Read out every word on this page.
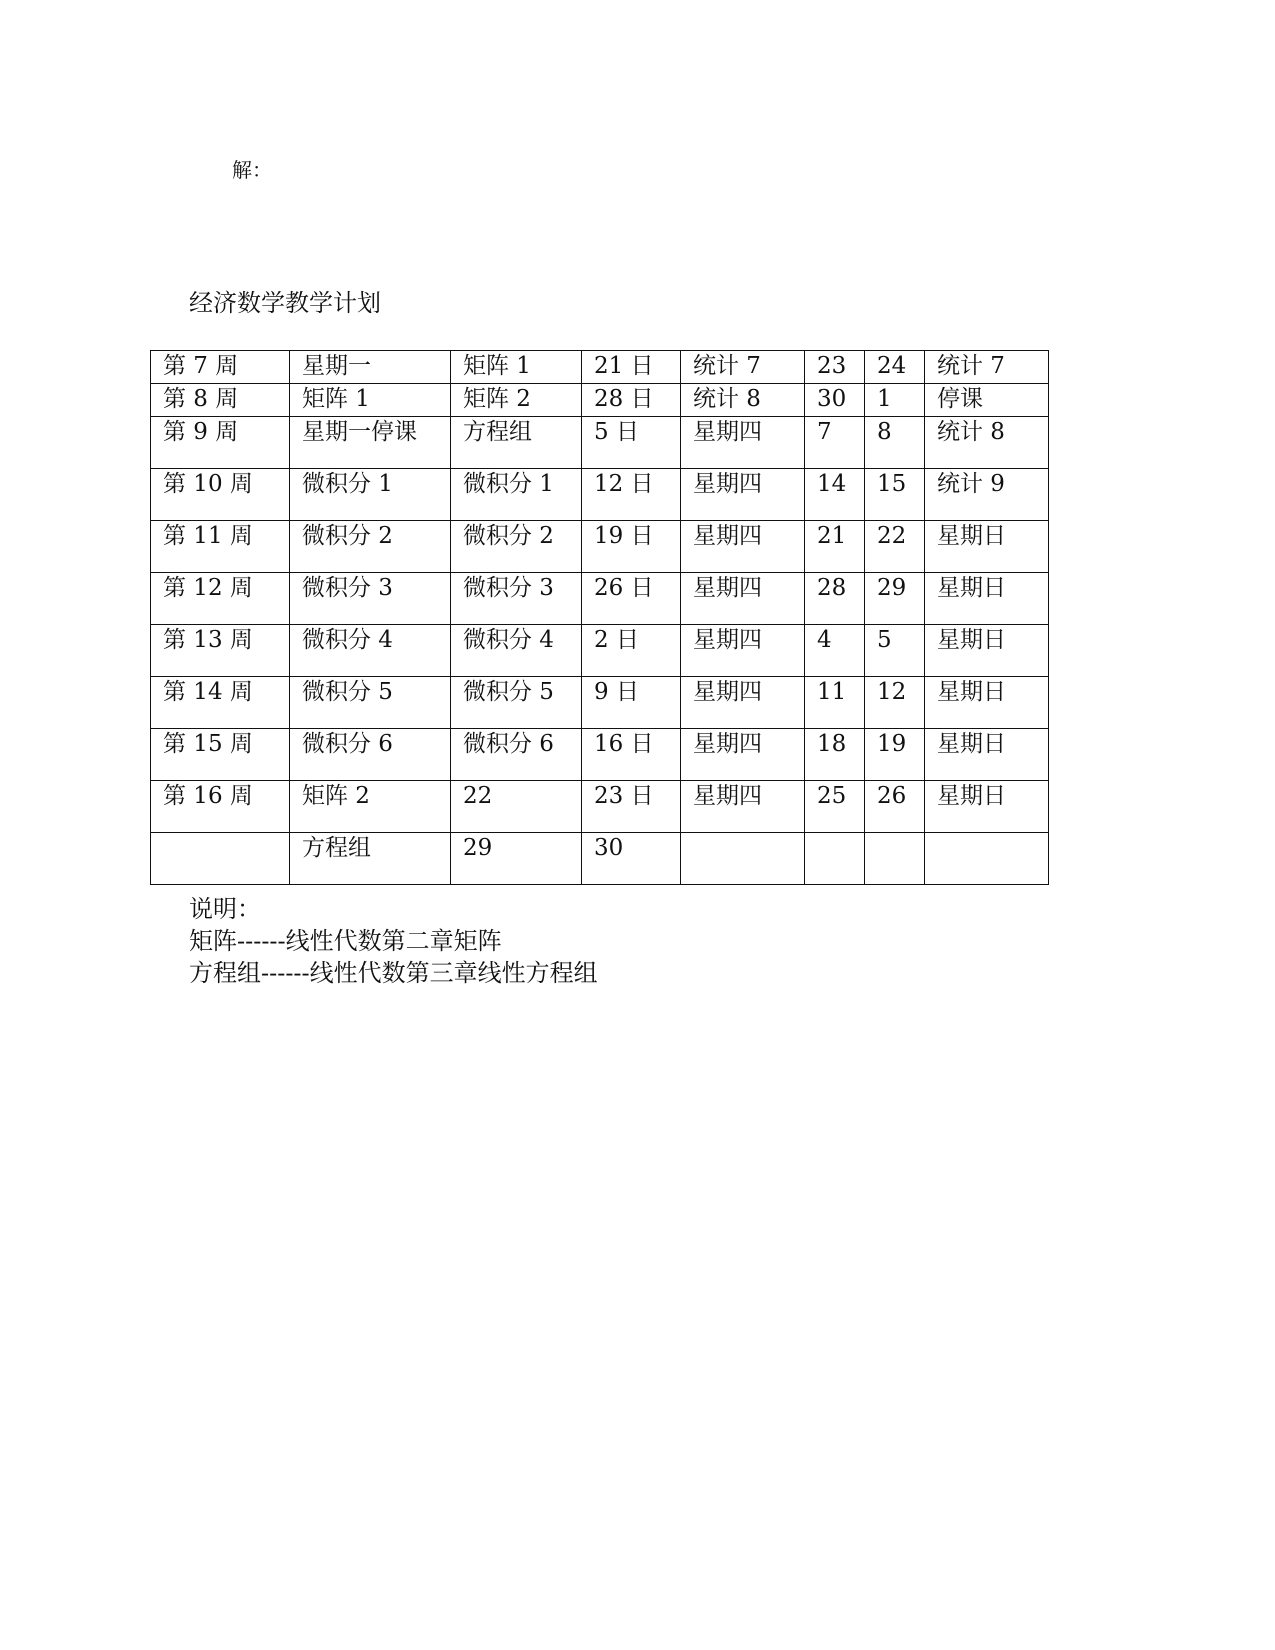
解：
经济数学教学计划
第 7 周	星期一	矩阵 1	21 日	统计 7	23	24	统计 7
第 8 周	矩阵 1	矩阵 2	28 日	统计 8	30	1	停课
第 9 周	星期一停课	方程组	5 日	星期四	7	8	统计 8
第 10 周	微积分 1	微积分 1	12 日	星期四	14	15	统计 9
第 11 周	微积分 2	微积分 2	19 日	星期四	21	22	星期日
第 12 周	微积分 3	微积分 3	26 日	星期四	28	29	星期日
第 13 周	微积分 4	微积分 4	2 日	星期四	4	5	星期日
第 14 周	微积分 5	微积分 5	9 日	星期四	11	12	星期日
第 15 周	微积分 6	微积分 6	16 日	星期四	18	19	星期日
第 16 周	矩阵 2	22	23 日	星期四	25	26	星期日
	方程组	29	30				
说明：
矩阵------线性代数第二章矩阵
方程组------线性代数第三章线性方程组
